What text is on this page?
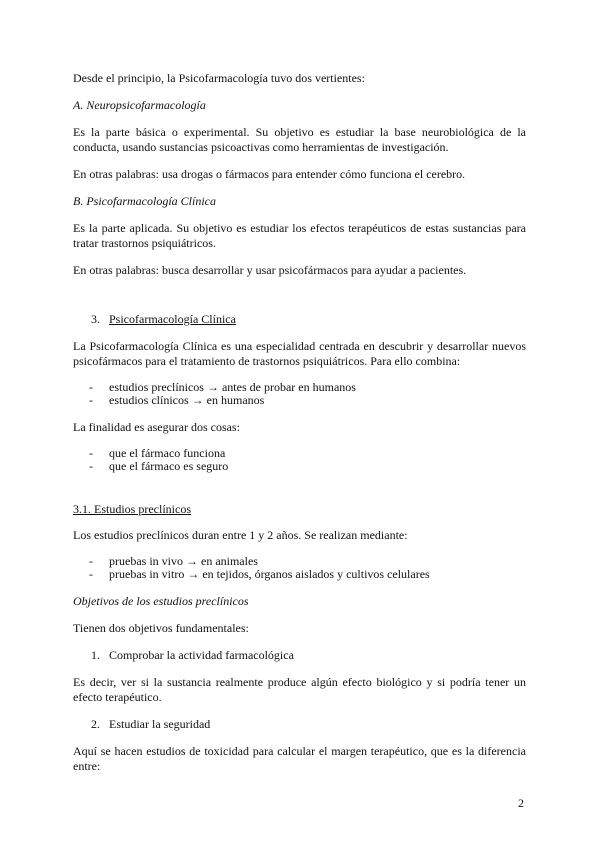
Desde el principio, la Psicofarmacología tuvo dos vertientes:

A. Neuropsicofarmacología

Es la parte básica o experimental. Su objetivo es estudiar la base neurobiológica de la conducta, usando sustancias psicoactivas como herramientas de investigación.

En otras palabras: usa drogas o fármacos para entender cómo funciona el cerebro.

B. Psicofarmacología Clínica

Es la parte aplicada. Su objetivo es estudiar los efectos terapéuticos de estas sustancias para tratar trastornos psiquiátricos.

En otras palabras: busca desarrollar y usar psicofármacos para ayudar a pacientes.

3. Psicofarmacología Clínica

La Psicofarmacología Clínica es una especialidad centrada en descubrir y desarrollar nuevos psicofármacos para el tratamiento de trastornos psiquiátricos. Para ello combina:

- estudios preclínicos → antes de probar en humanos
- estudios clínicos → en humanos

La finalidad es asegurar dos cosas:

- que el fármaco funciona
- que el fármaco es seguro

3.1. Estudios preclínicos

Los estudios preclínicos duran entre 1 y 2 años. Se realizan mediante:

- pruebas in vivo → en animales
- pruebas in vitro → en tejidos, órganos aislados y cultivos celulares

Objetivos de los estudios preclínicos

Tienen dos objetivos fundamentales:

1. Comprobar la actividad farmacológica

Es decir, ver si la sustancia realmente produce algún efecto biológico y si podría tener un efecto terapéutico.

2. Estudiar la seguridad

Aquí se hacen estudios de toxicidad para calcular el margen terapéutico, que es la diferencia entre:

2
